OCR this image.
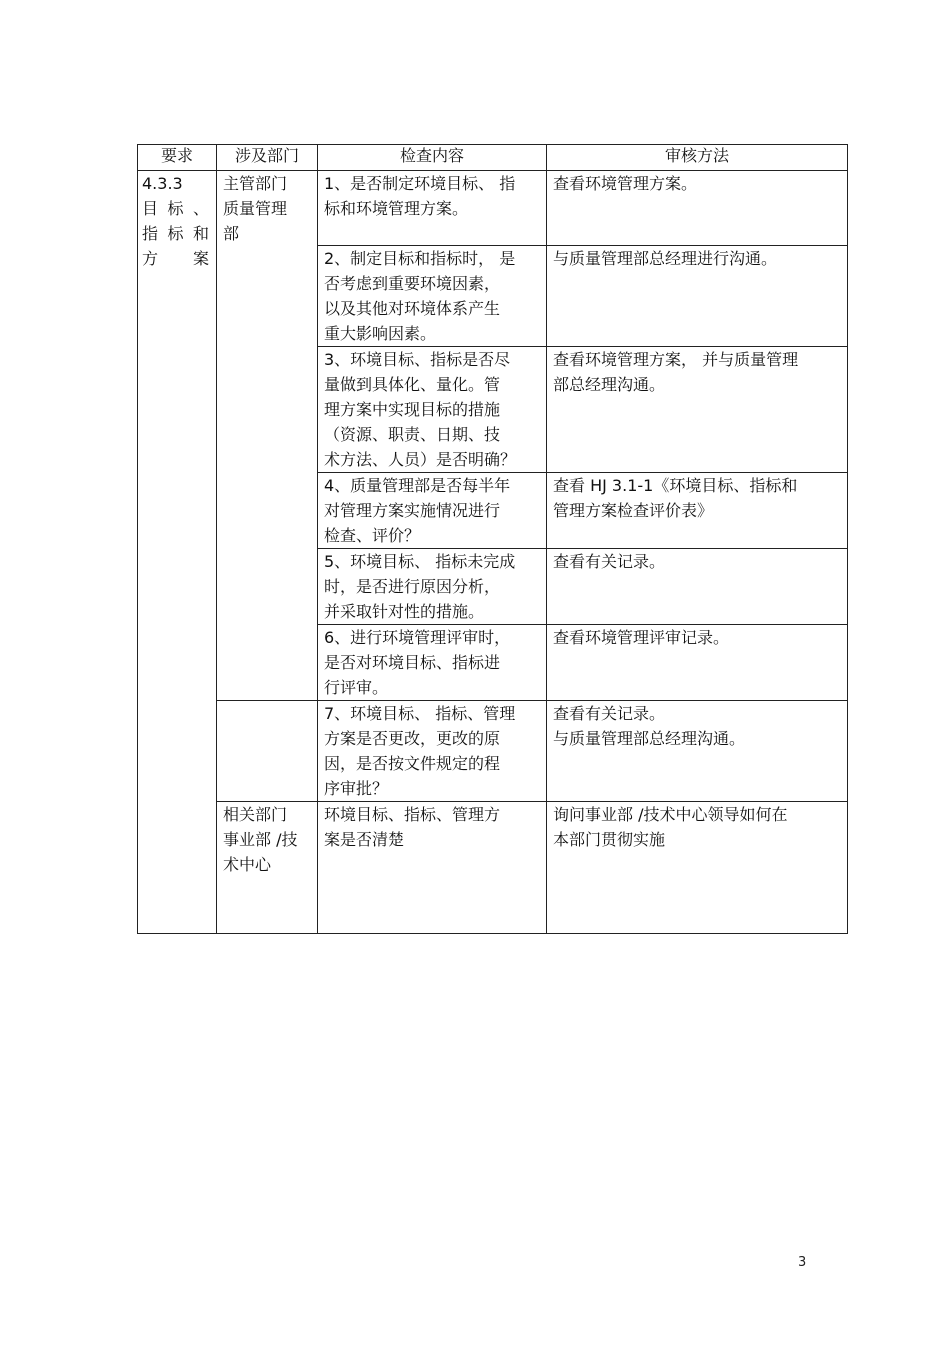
要求	涉及部门	检查内容	审核方法

4.3.3
目标、指标和方案	主管部门
质量管理
部	1、是否制定环境目标、 指
标和环境管理方案。	查看环境管理方案。

		2、制定目标和指标时， 是
否考虑到重要环境因素，
以及其他对环境体系产生
重大影响因素。	与质量管理部总经理进行沟通。

		3、环境目标、指标是否尽
量做到具体化、量化。管
理方案中实现目标的措施
（资源、职责、日期、技
术方法、人员）是否明确？	查看环境管理方案， 并与质量管理
部总经理沟通。

		4、质量管理部是否每半年
对管理方案实施情况进行
检查、评价？	查看 HJ 3.1-1《环境目标、指标和
管理方案检查评价表》

		5、环境目标、 指标未完成
时，是否进行原因分析，
并采取针对性的措施。	查看有关记录。

		6、进行环境管理评审时，
是否对环境目标、指标进
行评审。	查看环境管理评审记录。

		7、环境目标、 指标、管理
方案是否更改，更改的原
因，是否按文件规定的程
序审批？	查看有关记录。
与质量管理部总经理沟通。

	相关部门
事业部 /技
术中心	环境目标、指标、管理方
案是否清楚	询问事业部 /技术中心领导如何在
本部门贯彻实施
3
